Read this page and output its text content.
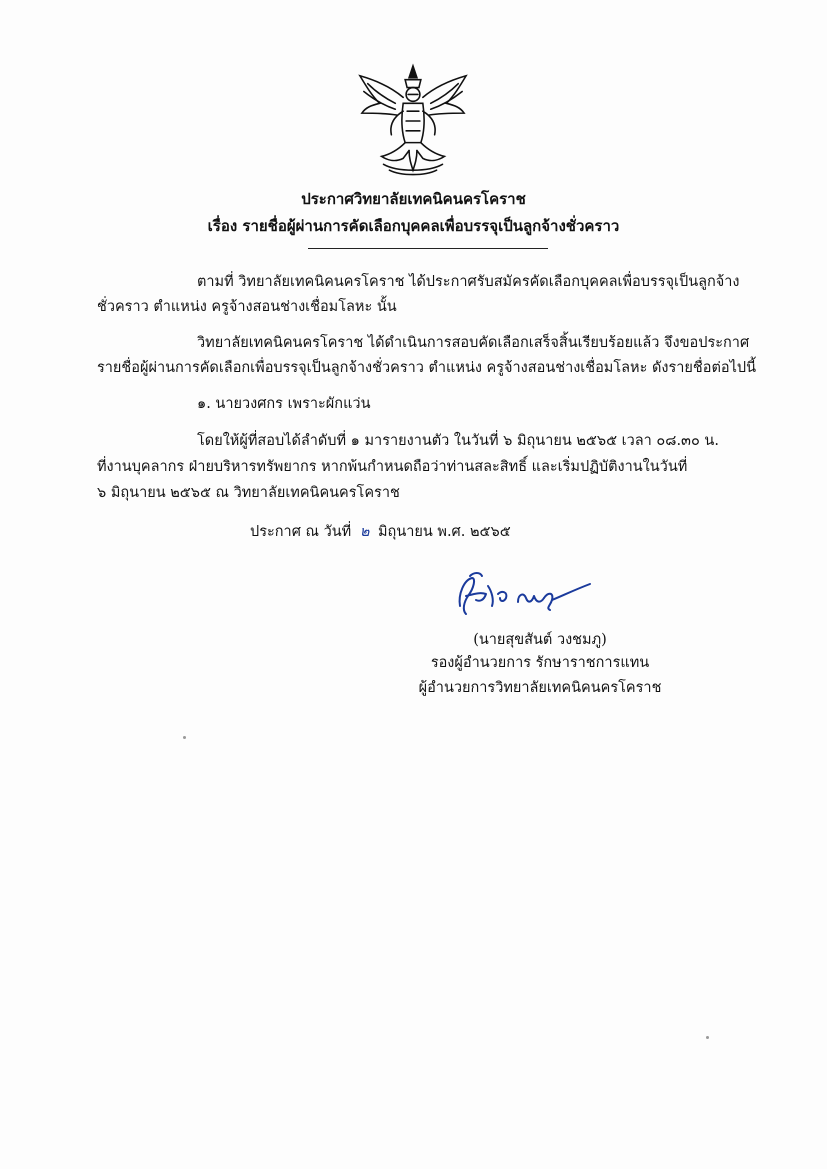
ประกาศวิทยาลัยเทคนิคนครโคราช
เรื่อง รายชื่อผู้ผ่านการคัดเลือกบุคคลเพื่อบรรจุเป็นลูกจ้างชั่วคราว
ตามที่ วิทยาลัยเทคนิคนครโคราช ได้ประกาศรับสมัครคัดเลือกบุคคลเพื่อบรรจุเป็นลูกจ้าง
ชั่วคราว ตำแหน่ง ครูจ้างสอนช่างเชื่อมโลหะ นั้น
วิทยาลัยเทคนิคนครโคราช ได้ดำเนินการสอบคัดเลือกเสร็จสิ้นเรียบร้อยแล้ว จึงขอประกาศ
รายชื่อผู้ผ่านการคัดเลือกเพื่อบรรจุเป็นลูกจ้างชั่วคราว ตำแหน่ง ครูจ้างสอนช่างเชื่อมโลหะ ดังรายชื่อต่อไปนี้
๑. นายวงศกร เพราะผักแว่น
โดยให้ผู้ที่สอบได้ลำดับที่ ๑ มารายงานตัว ในวันที่ ๖ มิถุนายน ๒๕๖๕ เวลา ๐๘.๓๐ น.
ที่งานบุคลากร ฝ่ายบริหารทรัพยากร หากพ้นกำหนดถือว่าท่านสละสิทธิ์ และเริ่มปฏิบัติงานในวันที่
๖ มิถุนายน ๒๕๖๕ ณ วิทยาลัยเทคนิคนครโคราช
ประกาศ ณ วันที่ ๒ มิถุนายน พ.ศ. ๒๕๖๕
(นายสุขสันต์ วงชมภู)
รองผู้อำนวยการ รักษาราชการแทน
ผู้อำนวยการวิทยาลัยเทคนิคนครโคราช
